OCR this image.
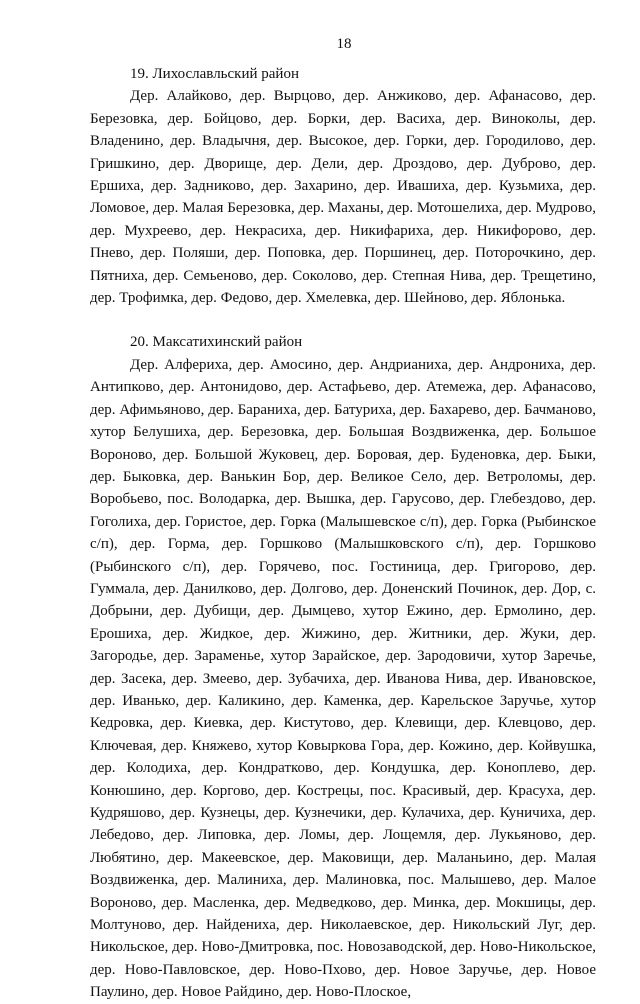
18

19. Лихославльский район

Дер. Алайково, дер. Вырцово, дер. Анжиково, дер. Афанасово, дер. Березовка, дер. Бойцово, дер. Борки, дер. Васиха, дер. Виноколы, дер. Владенино, дер. Владычня, дер. Высокое, дер. Горки, дер. Городилово, дер. Гришкино, дер. Дворище, дер. Дели, дер. Дроздово, дер. Дуброво, дер. Ершиха, дер. Задниково, дер. Захарино, дер. Ивашиха, дер. Кузьмиха, дер. Ломовое, дер. Малая Березовка, дер. Маханы, дер. Мотошелиха, дер. Мудрово, дер. Мухреево, дер. Некрасиха, дер. Никифариха, дер. Никифорово, дер. Пнево, дер. Поляши, дер. Поповка, дер. Поршинец, дер. Поторочкино, дер. Пятниха, дер. Семьеново, дер. Соколово, дер. Степная Нива, дер. Трещетино, дер. Трофимка, дер. Федово, дер. Хмелевка, дер. Шейново, дер. Яблонька.

20. Максатихинский район

Дер. Алфериха, дер. Амосино, дер. Андрианиха, дер. Андрониха, дер. Антипково, дер. Антонидово, дер. Астафьево, дер. Атемежа, дер. Афанасово, дер. Афимьяново, дер. Бараниха, дер. Батуриха, дер. Бахарево, дер. Бачманово, хутор Белушиха, дер. Березовка, дер. Большая Воздвиженка, дер. Большое Вороново, дер. Большой Жуковец, дер. Боровая, дер. Буденовка, дер. Быки, дер. Быковка, дер. Ванькин Бор, дер. Великое Село, дер. Ветроломы, дер. Воробьево, пос. Володарка, дер. Вышка, дер. Гарусово, дер. Глебездово, дер. Гоголиха, дер. Гористое, дер. Горка (Малышевское с/п), дер. Горка (Рыбинское с/п), дер. Горма, дер. Горшково (Малышковского с/п), дер. Горшково (Рыбинского с/п), дер. Горячево, пос. Гостиница, дер. Григорово, дер. Гуммала, дер. Данилково, дер. Долгово, дер. Доненский Починок, дер. Дор, с. Добрыни, дер. Дубищи, дер. Дымцево, хутор Ежино, дер. Ермолино, дер. Ерошиха, дер. Жидкое, дер. Жижино, дер. Житники, дер. Жуки, дер. Загородье, дер. Зараменье, хутор Зарайское, дер. Зародовичи, хутор Заречье, дер. Засека, дер. Змеево, дер. Зубачиха, дер. Иванова Нива, дер. Ивановское, дер. Иванько, дер. Каликино, дер. Каменка, дер. Карельское Заручье, хутор Кедровка, дер. Киевка, дер. Кистутово, дер. Клевищи, дер. Клевцово, дер. Ключевая, дер. Княжево, хутор Ковыркова Гора, дер. Кожино, дер. Койвушка, дер. Колодиха, дер. Кондратково, дер. Кондушка, дер. Коноплево, дер. Конюшино, дер. Коргово, дер. Кострецы, пос. Красивый, дер. Красуха, дер. Кудряшово, дер. Кузнецы, дер. Кузнечики, дер. Кулачиха, дер. Куничиха, дер. Лебедово, дер. Липовка, дер. Ломы, дер. Лощемля, дер. Лукьяново, дер. Любятино, дер. Макеевское, дер. Маковищи, дер. Маланьино, дер. Малая Воздвиженка, дер. Малиниха, дер. Малиновка, пос. Малышево, дер. Малое Вороново, дер. Масленка, дер. Медведково, дер. Минка, дер. Мокшицы, дер. Молтуново, дер. Найдениха, дер. Николаевское, дер. Никольский Луг, дер. Никольское, дер. Ново-Дмитровка, пос. Новозаводской, дер. Ново-Никольское, дер. Ново-Павловское, дер. Ново-Пхово, дер. Новое Заручье, дер. Новое Паулино, дер. Новое Райдино, дер. Ново-Плоское,
